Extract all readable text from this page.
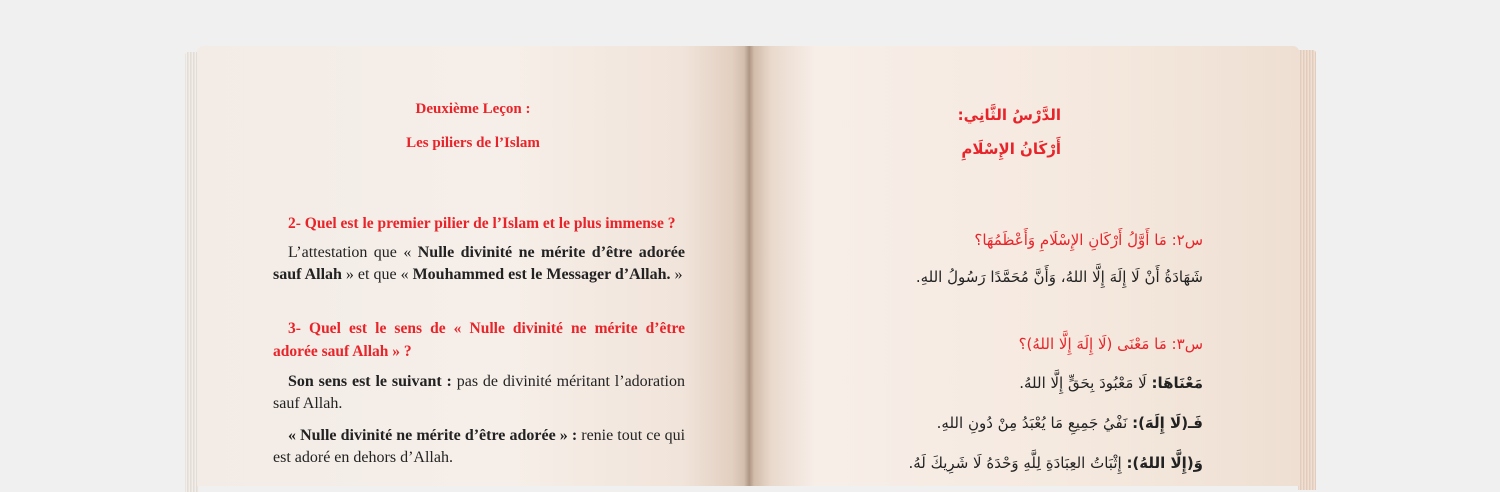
Deuxième Leçon :
Les piliers de l’Islam
2- Quel est le premier pilier de l’Islam et le plus immense ?
L’attestation que « Nulle divinité ne mérite d’être adorée sauf Allah » et que « Mouhammed est le Messager d’Allah. »
3- Quel est le sens de « Nulle divinité ne mérite d’être adorée sauf Allah » ?
Son sens est le suivant : pas de divinité méritant l’adoration sauf Allah.
« Nulle divinité ne mérite d’être adorée » : renie tout ce qui est adoré en dehors d’Allah.
الدَّرْسُ الثَّانِي:
أَرْكَانُ الإِسْلَامِ
س٢: مَا أَوَّلُ أَرْكَانِ الإِسْلَامِ وَأَعْظَمُهَا؟
شَهَادَةُ أَنْ لَا إِلَهَ إِلَّا اللهُ، وَأَنَّ مُحَمَّدًا رَسُولُ اللهِ.
س٣: مَا مَعْنَى (لَا إِلَهَ إِلَّا اللهُ)؟
مَعْنَاهَا: لَا مَعْبُودَ بِحَقٍّ إِلَّا اللهُ.
فَـ(لَا إِلَهَ): نَفْيُ جَمِيعِ مَا يُعْبَدُ مِنْ دُونِ اللهِ.
وَ(إِلَّا اللهُ): إِثْبَاتُ العِبَادَةِ لِلَّهِ وَحْدَهُ لَا شَرِيكَ لَهُ.
